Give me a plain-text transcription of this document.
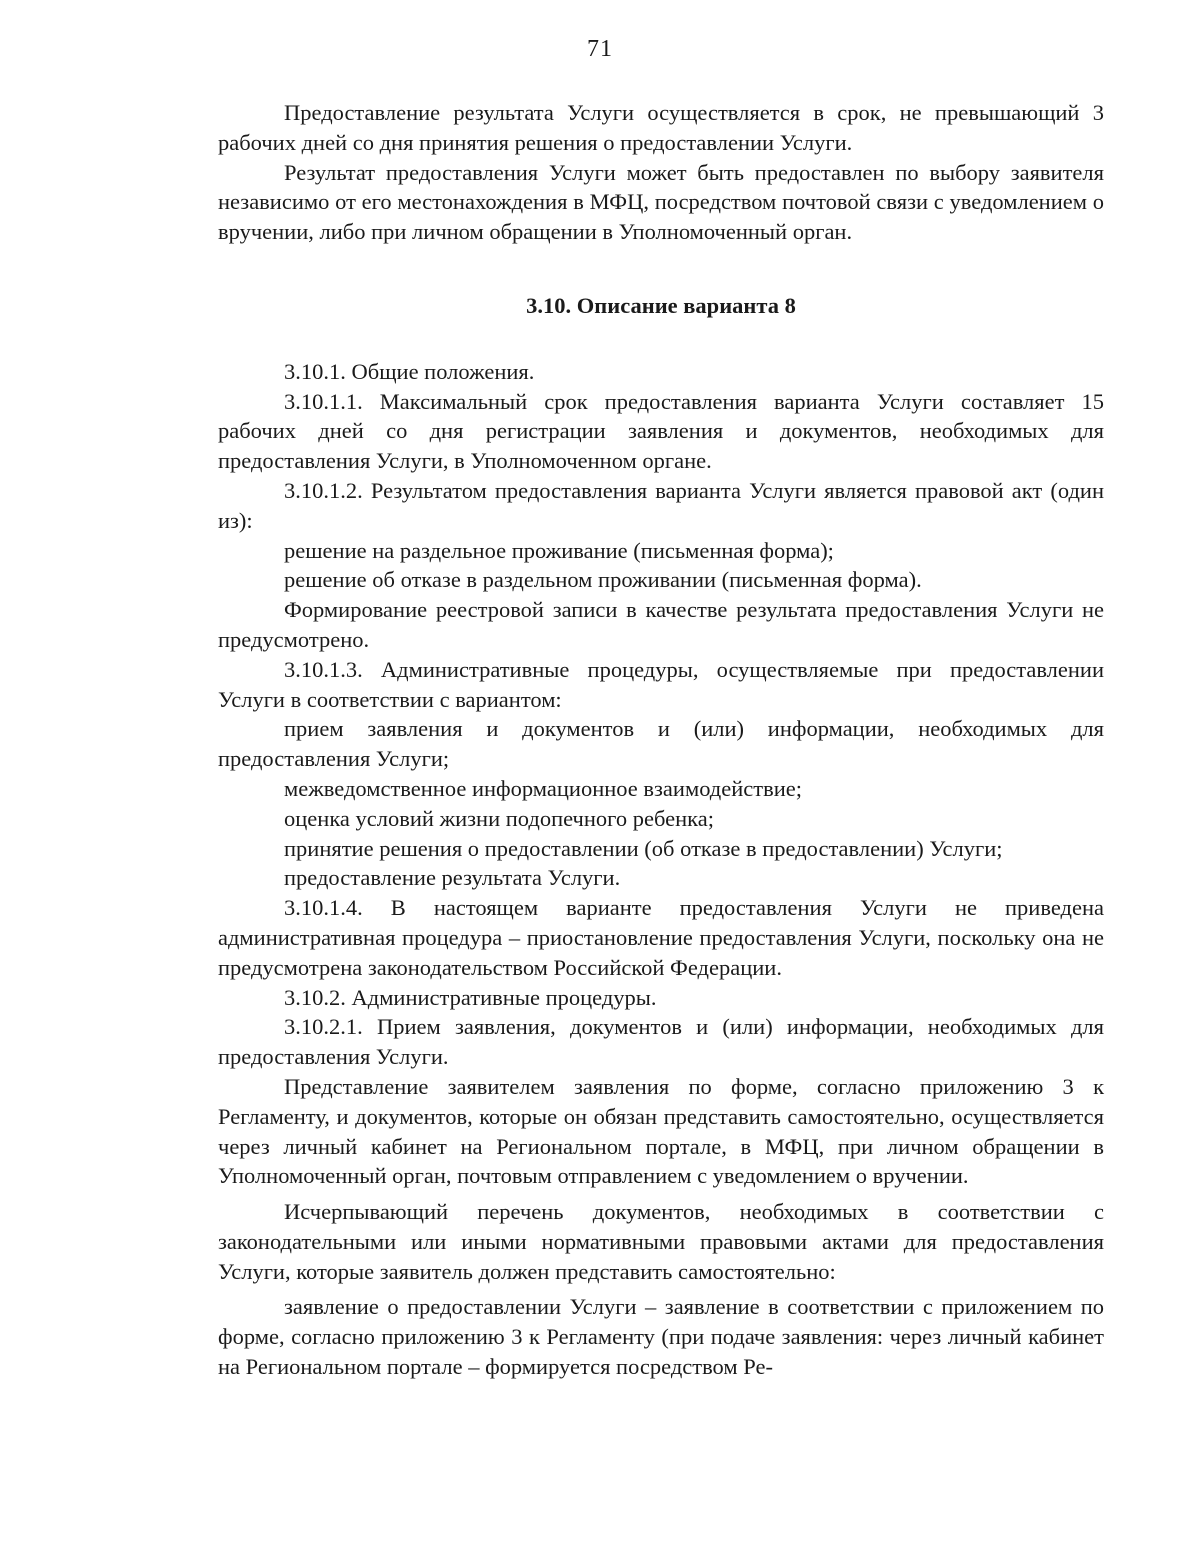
71

Предоставление результата Услуги осуществляется в срок, не превышающий 3 рабочих дней со дня принятия решения о предоставлении Услуги.

Результат предоставления Услуги может быть предоставлен по выбору заявителя независимо от его местонахождения в МФЦ, посредством почтовой связи с уведомлением о вручении, либо при личном обращении в Уполномоченный орган.

3.10. Описание варианта 8

3.10.1. Общие положения.

3.10.1.1. Максимальный срок предоставления варианта Услуги составляет 15 рабочих дней со дня регистрации заявления и документов, необходимых для предоставления Услуги, в Уполномоченном органе.

3.10.1.2. Результатом предоставления варианта Услуги является правовой акт (один из):

решение на раздельное проживание (письменная форма);

решение об отказе в раздельном проживании (письменная форма).

Формирование реестровой записи в качестве результата предоставления Услуги не предусмотрено.

3.10.1.3. Административные процедуры, осуществляемые при предоставлении Услуги в соответствии с вариантом:

прием заявления и документов и (или) информации, необходимых для предоставления Услуги;

межведомственное информационное взаимодействие;

оценка условий жизни подопечного ребенка;

принятие решения о предоставлении (об отказе в предоставлении) Услуги;

предоставление результата Услуги.

3.10.1.4. В настоящем варианте предоставления Услуги не приведена административная процедура – приостановление предоставления Услуги, поскольку она не предусмотрена законодательством Российской Федерации.

3.10.2. Административные процедуры.

3.10.2.1. Прием заявления, документов и (или) информации, необходимых для предоставления Услуги.

Представление заявителем заявления по форме, согласно приложению 3 к Регламенту, и документов, которые он обязан представить самостоятельно, осуществляется через личный кабинет на Региональном портале, в МФЦ, при личном обращении в Уполномоченный орган, почтовым отправлением с уведомлением о вручении.

Исчерпывающий перечень документов, необходимых в соответствии с законодательными или иными нормативными правовыми актами для предоставления Услуги, которые заявитель должен представить самостоятельно:

заявление о предоставлении Услуги – заявление в соответствии с приложением по форме, согласно приложению 3 к Регламенту (при подаче заявления: через личный кабинет на Региональном портале – формируется посредством Ре-
